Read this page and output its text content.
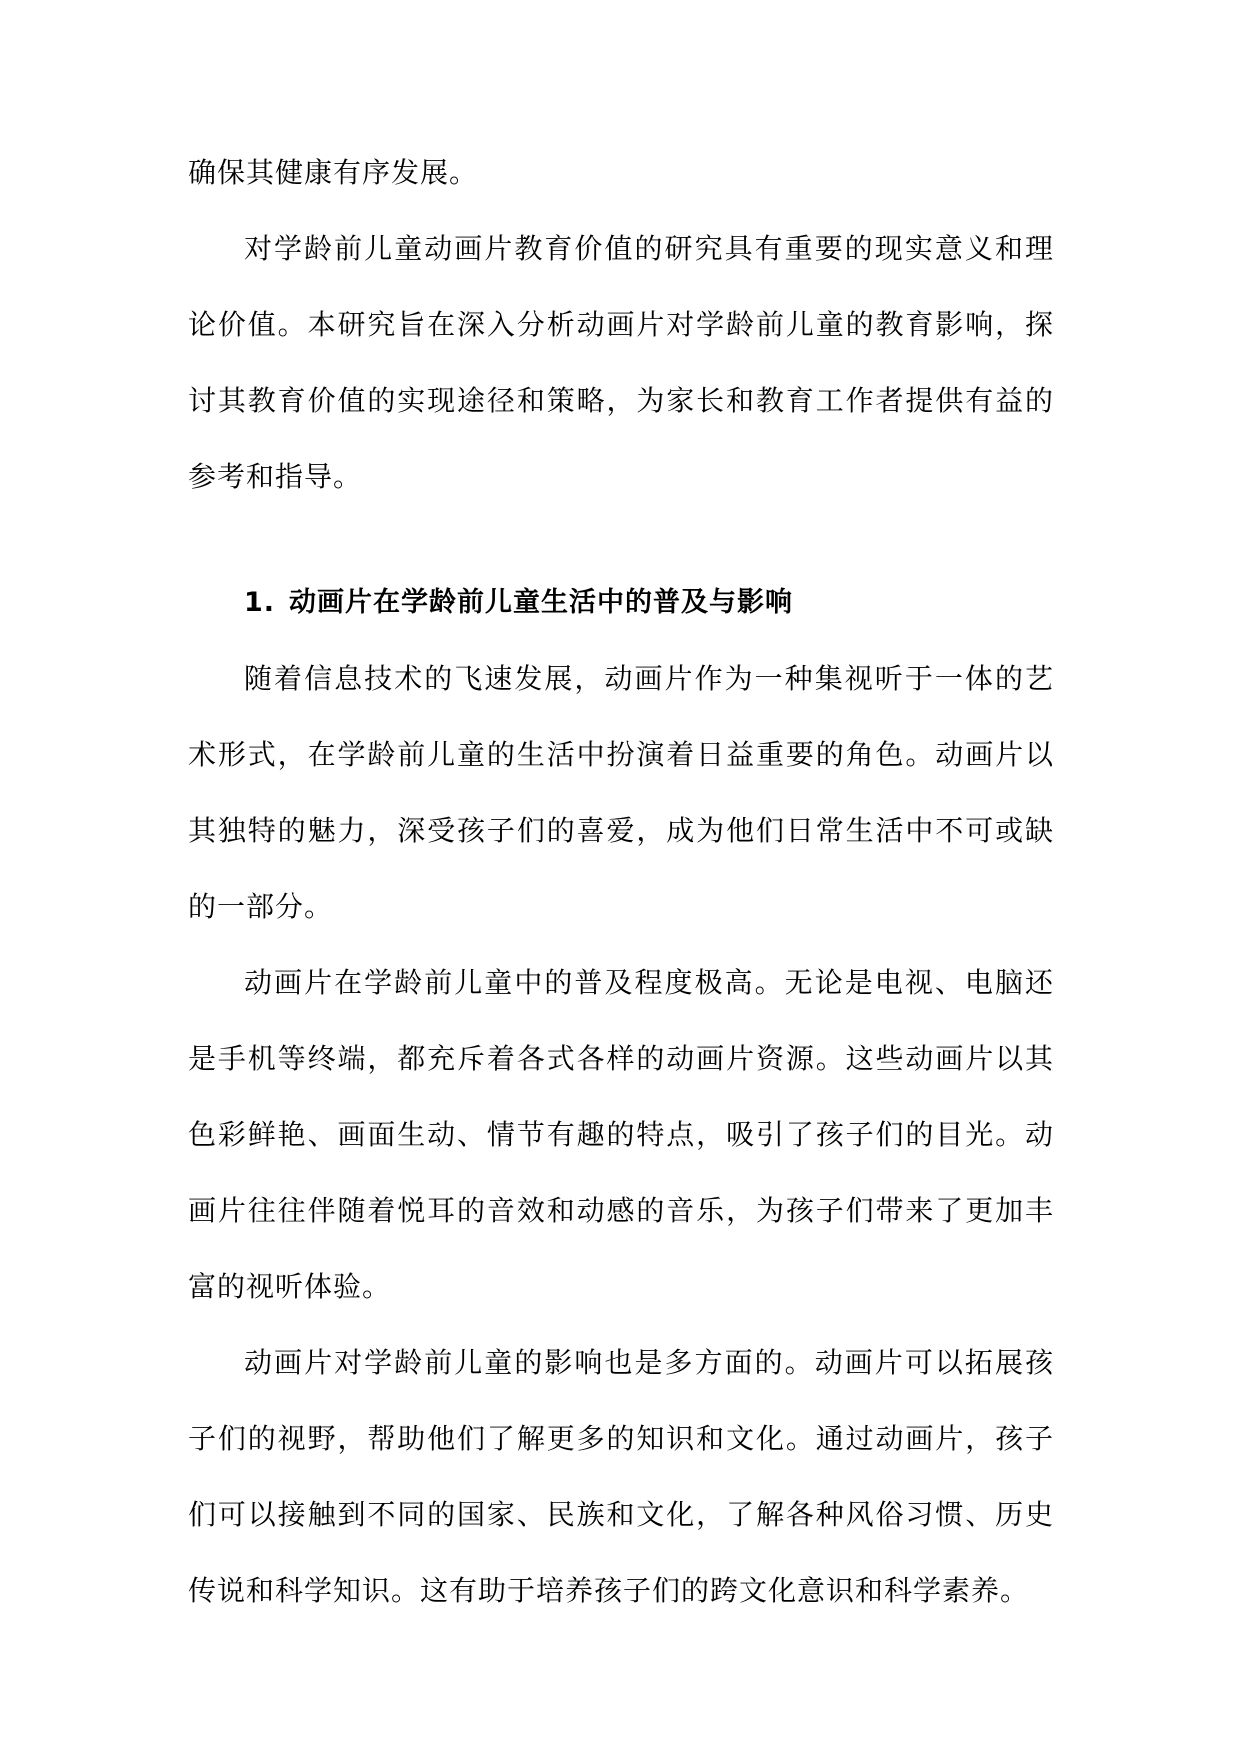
确保其健康有序发展。

对学龄前儿童动画片教育价值的研究具有重要的现实意义和理论价值。本研究旨在深入分析动画片对学龄前儿童的教育影响，探讨其教育价值的实现途径和策略，为家长和教育工作者提供有益的参考和指导。

1. 动画片在学龄前儿童生活中的普及与影响

随着信息技术的飞速发展，动画片作为一种集视听于一体的艺术形式，在学龄前儿童的生活中扮演着日益重要的角色。动画片以其独特的魅力，深受孩子们的喜爱，成为他们日常生活中不可或缺的一部分。

动画片在学龄前儿童中的普及程度极高。无论是电视、电脑还是手机等终端，都充斥着各式各样的动画片资源。这些动画片以其色彩鲜艳、画面生动、情节有趣的特点，吸引了孩子们的目光。动画片往往伴随着悦耳的音效和动感的音乐，为孩子们带来了更加丰富的视听体验。

动画片对学龄前儿童的影响也是多方面的。动画片可以拓展孩子们的视野，帮助他们了解更多的知识和文化。通过动画片，孩子们可以接触到不同的国家、民族和文化，了解各种风俗习惯、历史传说和科学知识。这有助于培养孩子们的跨文化意识和科学素养。
